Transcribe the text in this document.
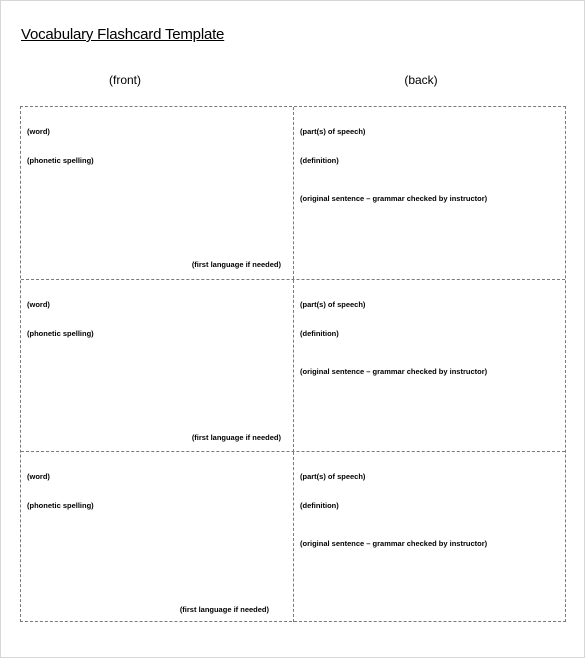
Vocabulary Flashcard Template
(front)	(back)
(word)
(phonetic spelling)
(first language if needed)
(part(s) of speech)
(definition)
(original sentence – grammar checked by instructor)
(word)
(phonetic spelling)
(first language if needed)
(part(s) of speech)
(definition)
(original sentence – grammar checked by instructor)
(word)
(phonetic spelling)
(first language if needed)
(part(s) of speech)
(definition)
(original sentence – grammar checked by instructor)
